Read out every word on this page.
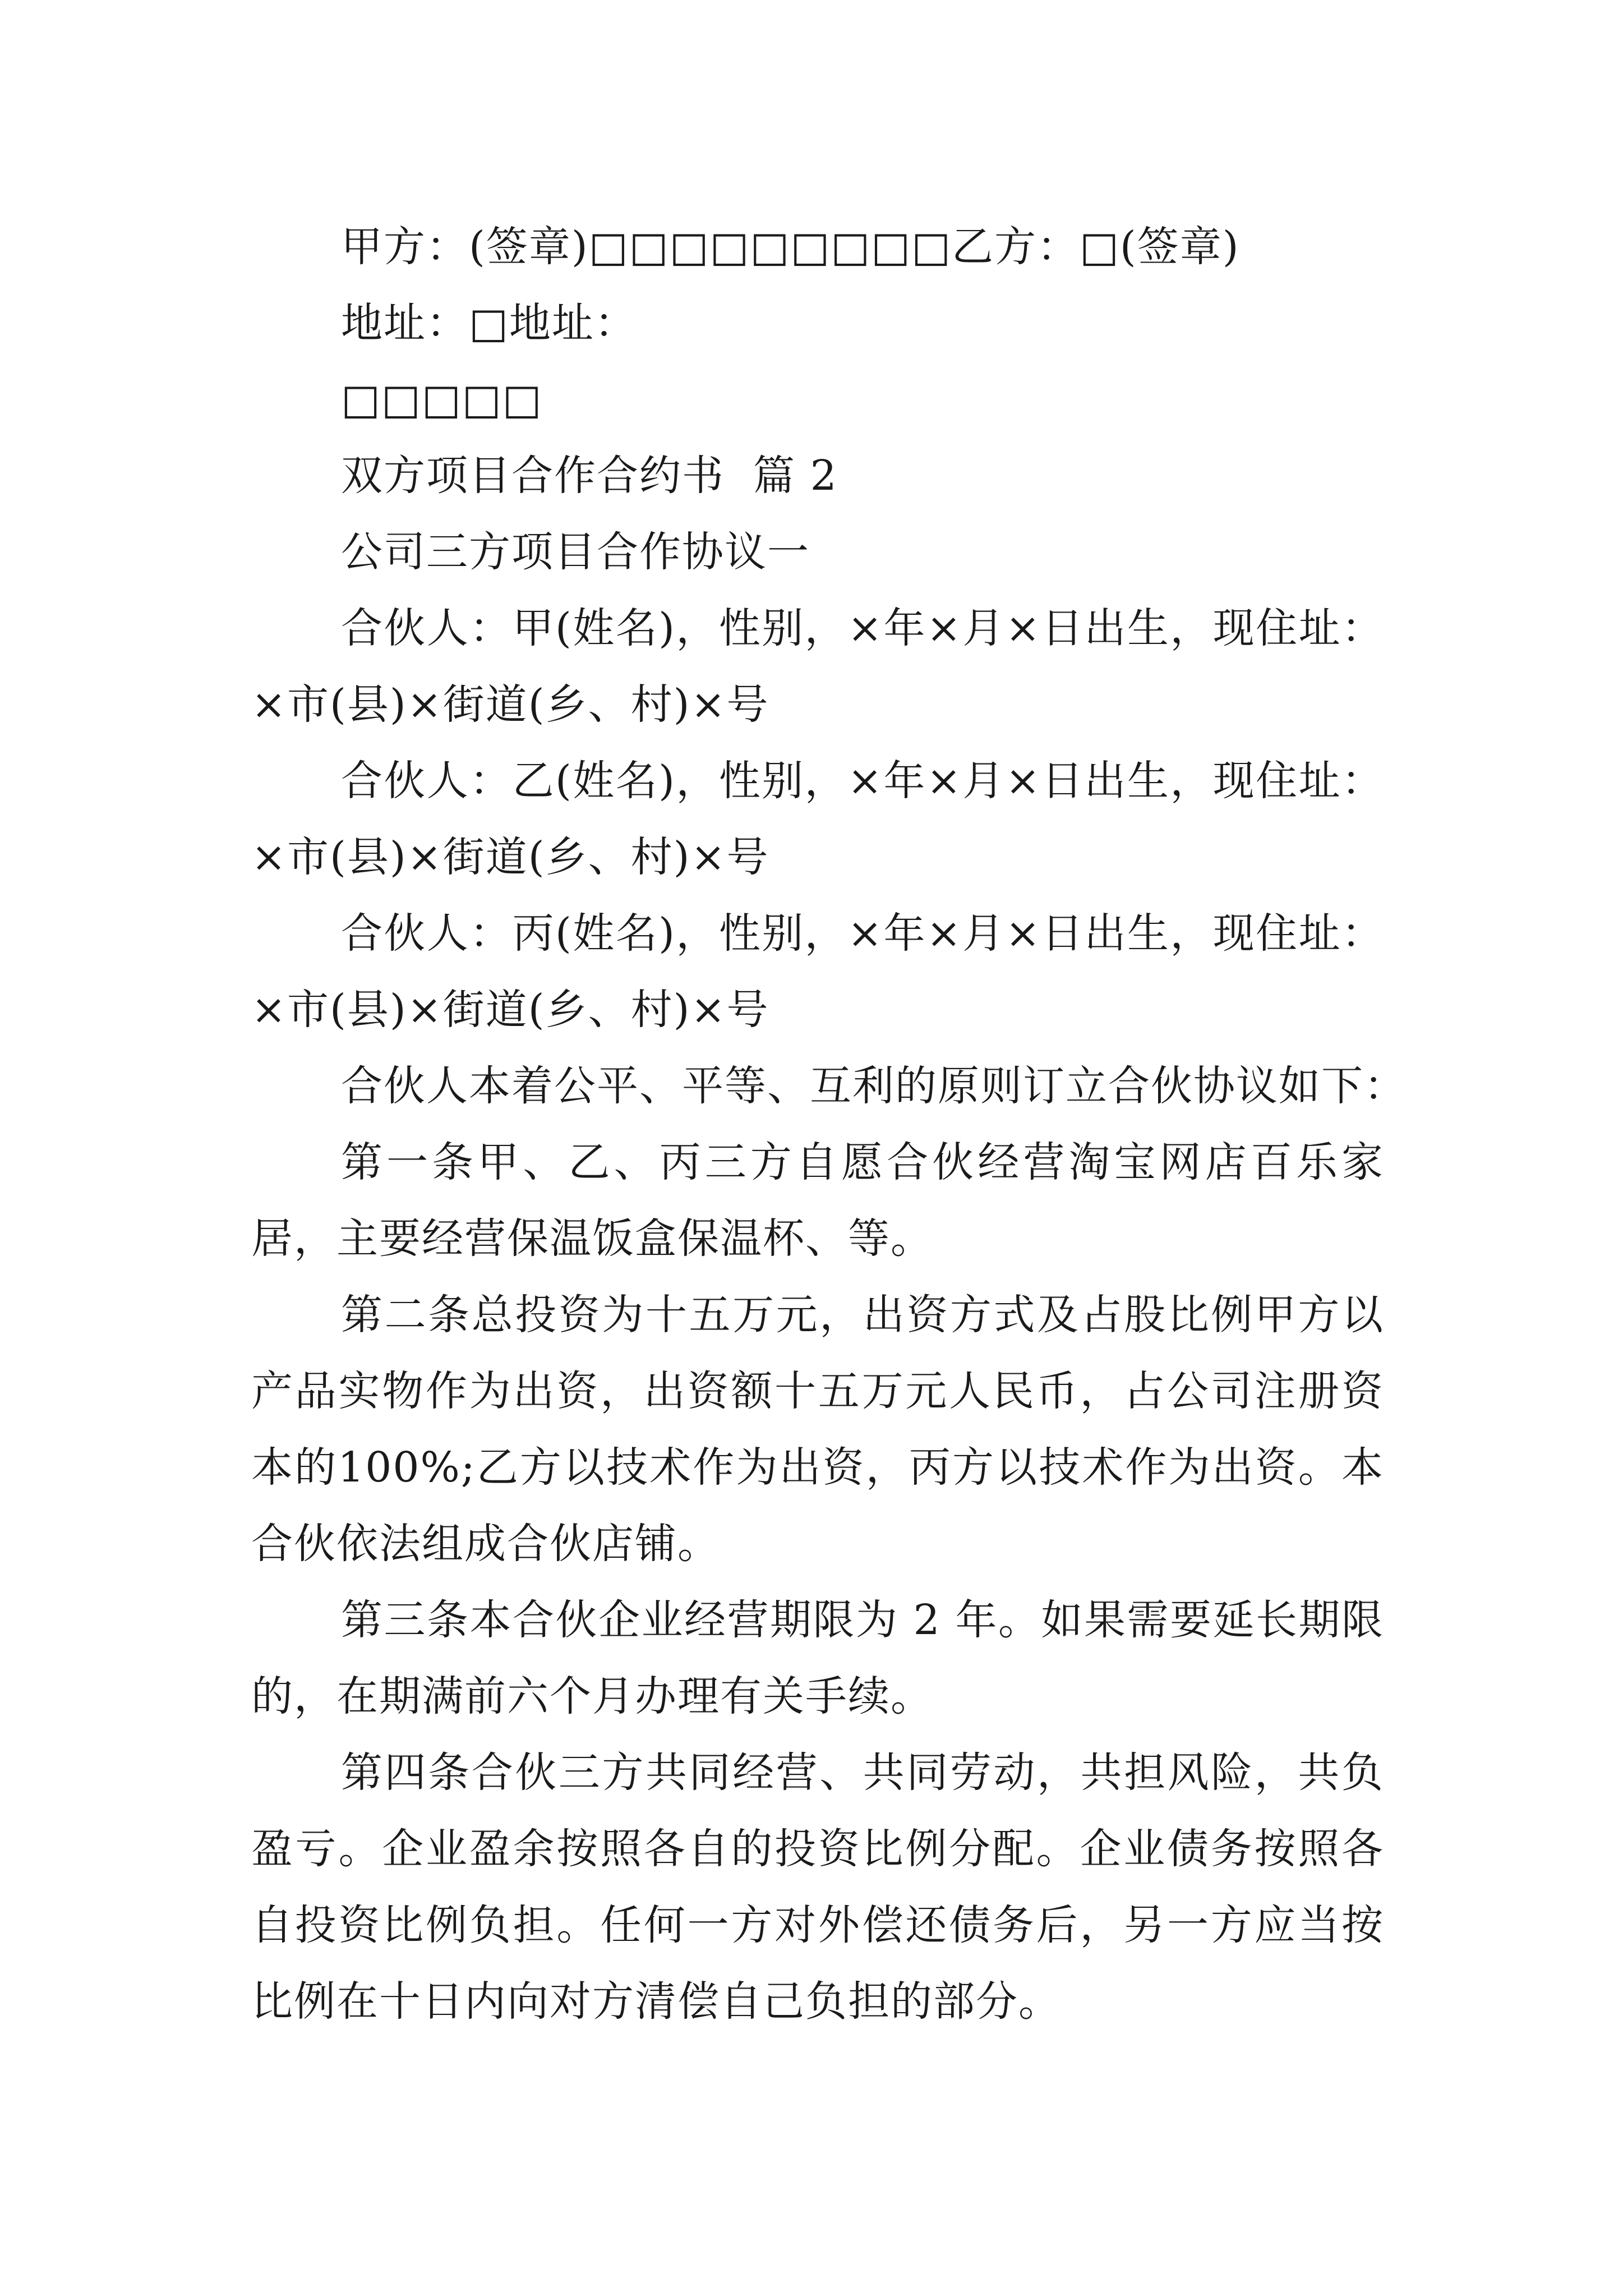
甲方：(签章)□□□□□□□□□乙方：□(签章)
地址：□地址：
□□□□□
双方项目合作合约书  篇 2
公司三方项目合作协议一
合伙人：甲(姓名)，性别，×年×月×日出生，现住址：×市(县)×街道(乡、村)×号
合伙人：乙(姓名)，性别，×年×月×日出生，现住址：×市(县)×街道(乡、村)×号
合伙人：丙(姓名)，性别，×年×月×日出生，现住址：×市(县)×街道(乡、村)×号
合伙人本着公平、平等、互利的原则订立合伙协议如下：
第一条甲、乙、丙三方自愿合伙经营淘宝网店百乐家居，主要经营保温饭盒保温杯、等。
第二条总投资为十五万元，出资方式及占股比例甲方以产品实物作为出资，出资额十五万元人民币，占公司注册资本的100%;乙方以技术作为出资，丙方以技术作为出资。本合伙依法组成合伙店铺。
第三条本合伙企业经营期限为 2 年。如果需要延长期限的，在期满前六个月办理有关手续。
第四条合伙三方共同经营、共同劳动，共担风险，共负盈亏。企业盈余按照各自的投资比例分配。企业债务按照各自投资比例负担。任何一方对外偿还债务后，另一方应当按比例在十日内向对方清偿自己负担的部分。
